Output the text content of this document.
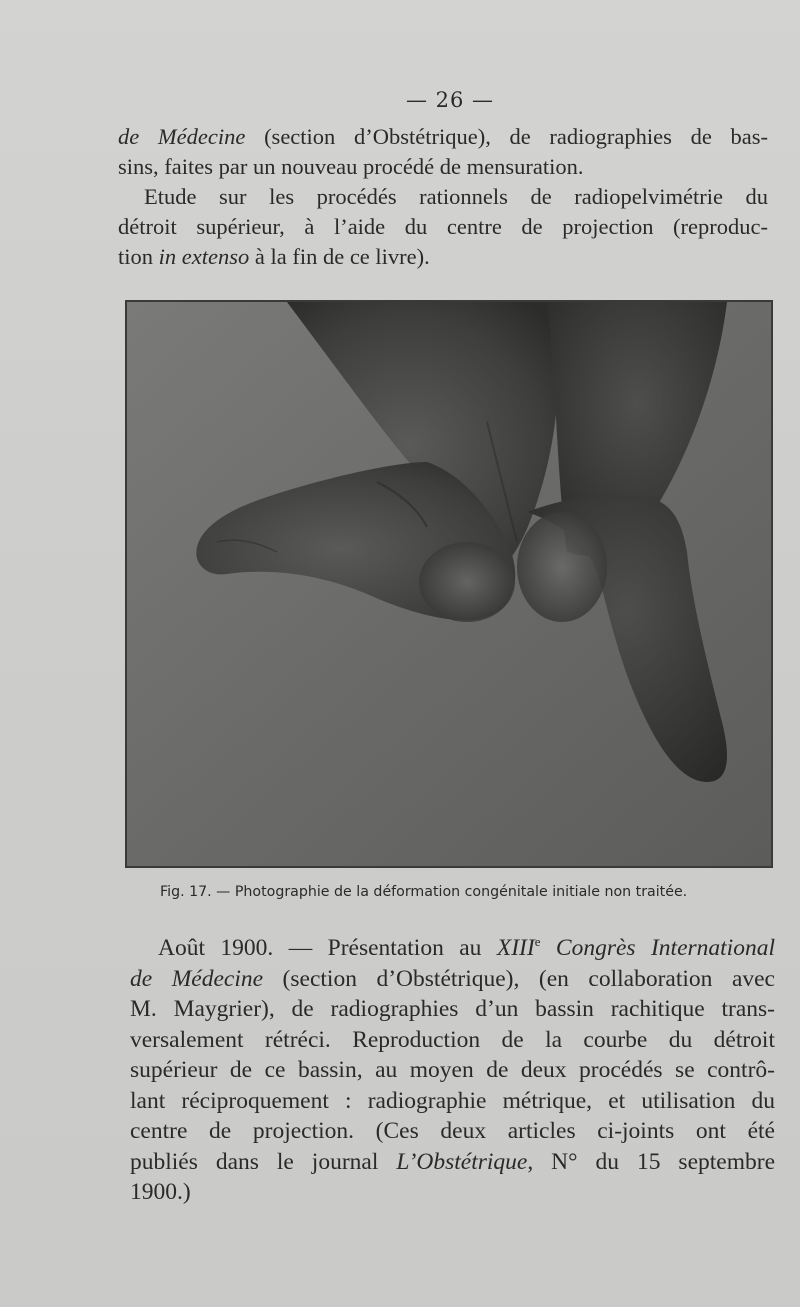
— 26 —
de Médecine (section d’Obstétrique), de radiographies de bas-
sins, faites par un nouveau procédé de mensuration.
Etude sur les procédés rationnels de radiopelvimétrie du
détroit supérieur, à l’aide du centre de projection (reproduc-
tion in extenso à la fin de ce livre).
Fig. 17. — Photographie de la déformation congénitale initiale non traitée.
Août 1900. — Présentation au XIIIe Congrès International
de Médecine (section d’Obstétrique), (en collaboration avec
M. Maygrier), de radiographies d’un bassin rachitique trans-
versalement rétréci. Reproduction de la courbe du détroit
supérieur de ce bassin, au moyen de deux procédés se contrô-
lant réciproquement : radiographie métrique, et utilisation du
centre de projection. (Ces deux articles ci-joints ont été
publiés dans le journal L’Obstétrique, N° du 15 septembre
1900.)
